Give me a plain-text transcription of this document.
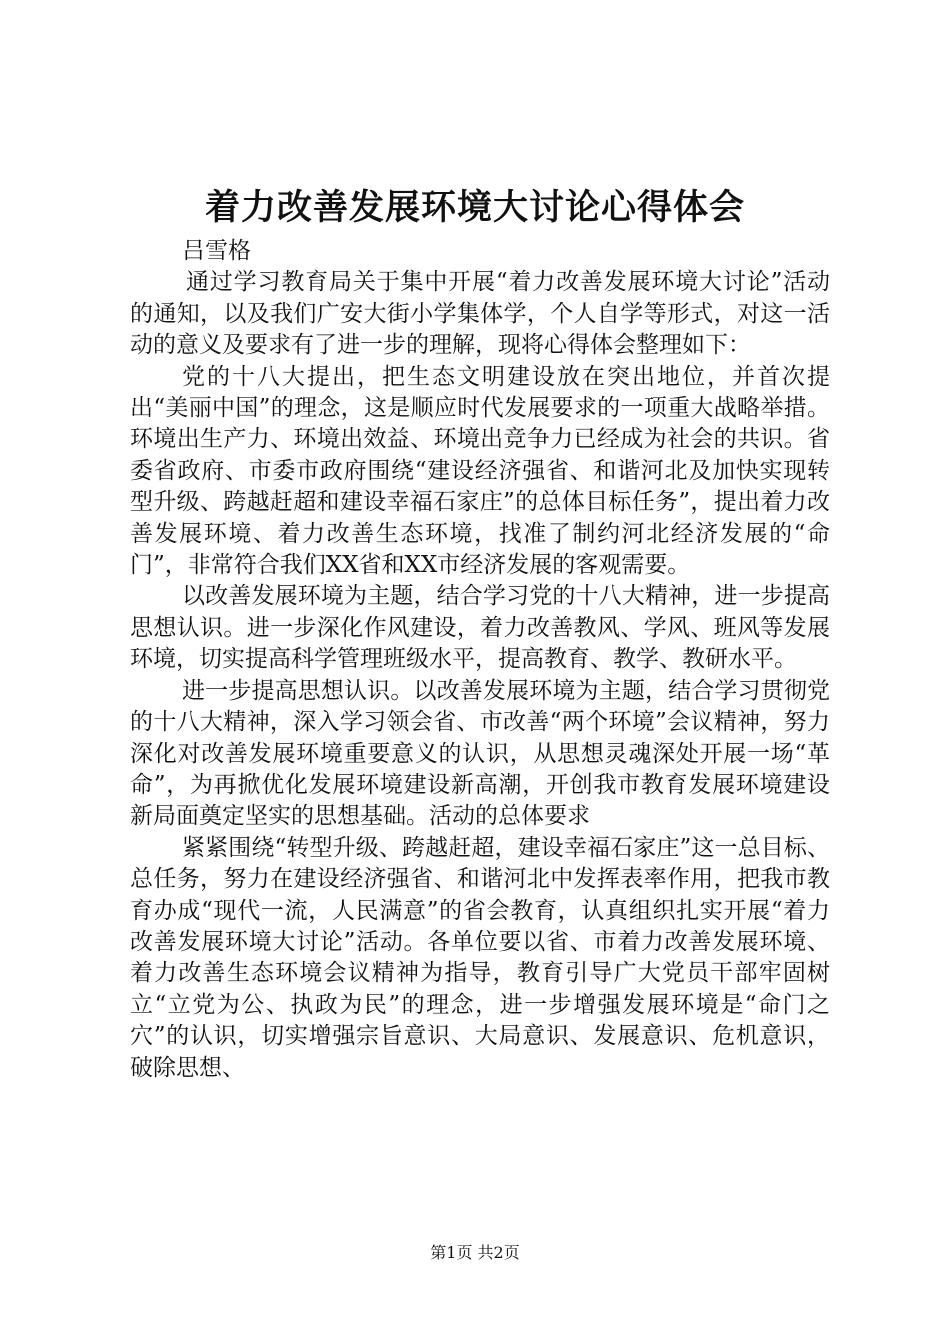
着力改善发展环境大讨论心得体会

吕雪格

通过学习教育局关于集中开展“着力改善发展环境大讨论”活动的通知，以及我们广安大街小学集体学，个人自学等形式，对这一活动的意义及要求有了进一步的理解，现将心得体会整理如下：

党的十八大提出，把生态文明建设放在突出地位，并首次提出“美丽中国”的理念，这是顺应时代发展要求的一项重大战略举措。环境出生产力、环境出效益、环境出竞争力已经成为社会的共识。省委省政府、市委市政府围绕“建设经济强省、和谐河北及加快实现转型升级、跨越赶超和建设幸福石家庄”的总体目标任务”，提出着力改善发展环境、着力改善生态环境，找准了制约河北经济发展的“命门”，非常符合我们XX省和XX市经济发展的客观需要。

以改善发展环境为主题，结合学习党的十八大精神，进一步提高思想认识。进一步深化作风建设，着力改善教风、学风、班风等发展环境，切实提高科学管理班级水平，提高教育、教学、教研水平。

进一步提高思想认识。以改善发展环境为主题，结合学习贯彻党的十八大精神，深入学习领会省、市改善“两个环境”会议精神，努力深化对改善发展环境重要意义的认识，从思想灵魂深处开展一场“革命”，为再掀优化发展环境建设新高潮，开创我市教育发展环境建设新局面奠定坚实的思想基础。活动的总体要求

紧紧围绕“转型升级、跨越赶超，建设幸福石家庄”这一总目标、总任务，努力在建设经济强省、和谐河北中发挥表率作用，把我市教育办成“现代一流，人民满意”的省会教育，认真组织扎实开展“着力改善发展环境大讨论”活动。各单位要以省、市着力改善发展环境、着力改善生态环境会议精神为指导，教育引导广大党员干部牢固树立“立党为公、执政为民”的理念，进一步增强发展环境是“命门之穴”的认识，切实增强宗旨意识、大局意识、发展意识、危机意识，破除思想、

第1页 共2页
